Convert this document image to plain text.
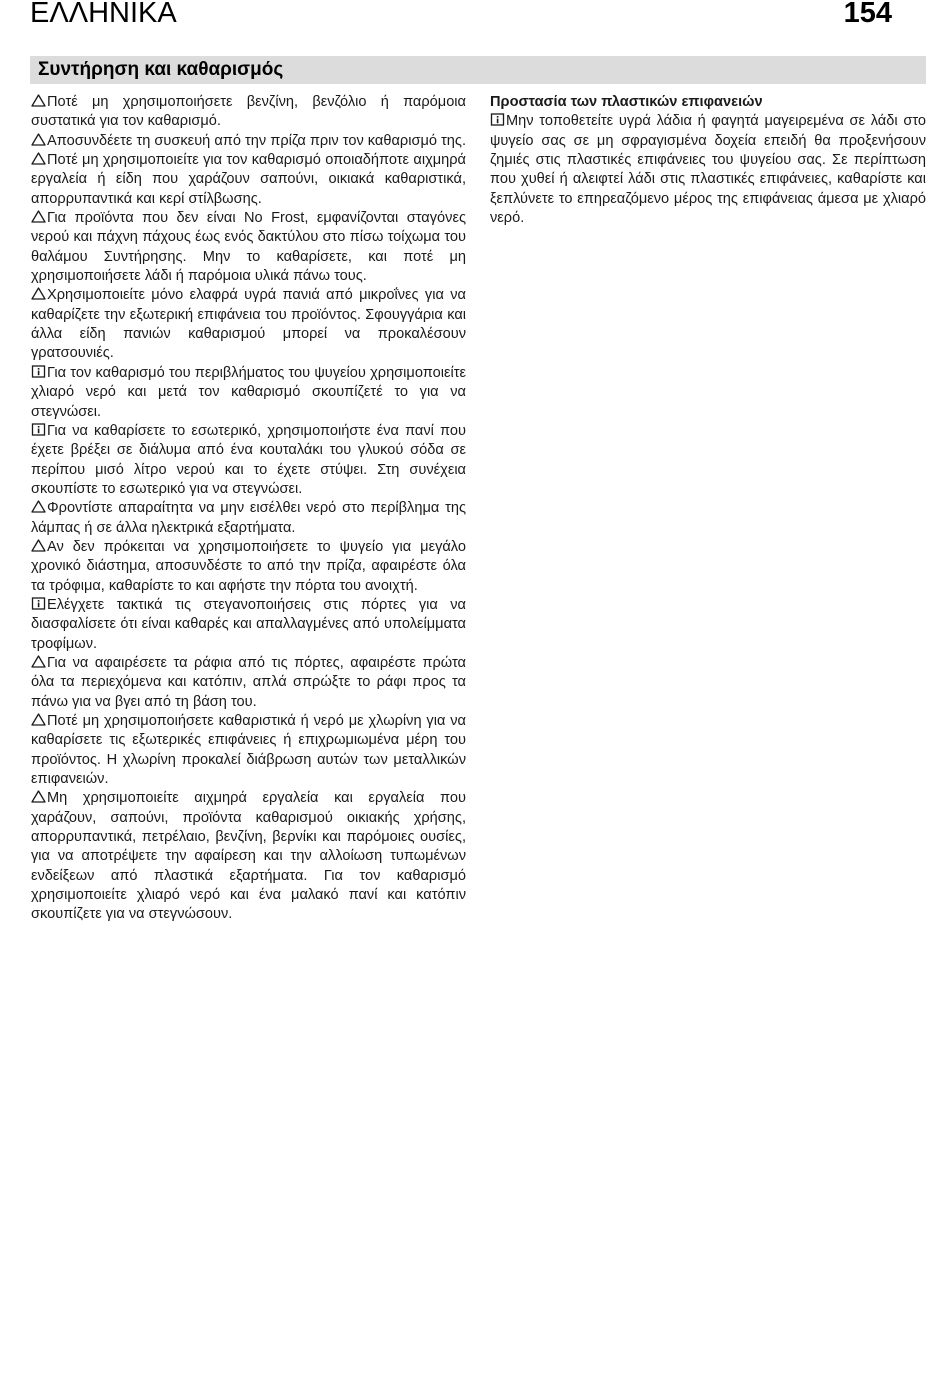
ΕΛΛΗΝΙΚΑ	154
Συντήρηση και καθαρισμός

Ποτέ μη χρησιμοποιήσετε βενζίνη, βενζόλιο ή παρόμοια συστατικά για τον καθαρισμό.

Αποσυνδέετε τη συσκευή από την πρίζα πριν τον καθαρισμό της.

Ποτέ μη χρησιμοποιείτε για τον καθαρισμό οποιαδήποτε αιχμηρά εργαλεία ή είδη που χαράζουν σαπούνι, οικιακά καθαριστικά, απορρυπαντικά και κερί στίλβωσης.

Για προϊόντα που δεν είναι No Frost, εμφανίζονται σταγόνες νερού και πάχνη πάχους έως ενός δακτύλου στο πίσω τοίχωμα του θαλάμου Συντήρησης. Μην το καθαρίσετε, και ποτέ μη χρησιμοποιήσετε λάδι ή παρόμοια υλικά πάνω τους.

Χρησιμοποιείτε μόνο ελαφρά υγρά πανιά από μικροΐνες για να καθαρίζετε την εξωτερική επιφάνεια του προϊόντος. Σφουγγάρια και άλλα είδη πανιών καθαρισμού μπορεί να προκαλέσουν γρατσουνιές.

Για τον καθαρισμό του περιβλήματος του ψυγείου χρησιμοποιείτε χλιαρό νερό και μετά τον καθαρισμό σκουπίζετέ το για να στεγνώσει.

Για να καθαρίσετε το εσωτερικό, χρησιμοποιήστε ένα πανί που έχετε βρέξει σε διάλυμα από ένα κουταλάκι του γλυκού σόδα σε περίπου μισό λίτρο νερού και το έχετε στύψει. Στη συνέχεια σκουπίστε το εσωτερικό για να στεγνώσει.

Φροντίστε απαραίτητα να μην εισέλθει νερό στο περίβλημα της λάμπας ή σε άλλα ηλεκτρικά εξαρτήματα.

Αν δεν πρόκειται να χρησιμοποιήσετε το ψυγείο για μεγάλο χρονικό διάστημα, αποσυνδέστε το από την πρίζα, αφαιρέστε όλα τα τρόφιμα, καθαρίστε το και αφήστε την πόρτα του ανοιχτή.

Ελέγχετε τακτικά τις στεγανοποιήσεις στις πόρτες για να διασφαλίσετε ότι είναι καθαρές και απαλλαγμένες από υπολείμματα τροφίμων.

Για να αφαιρέσετε τα ράφια από τις πόρτες, αφαιρέστε πρώτα όλα τα περιεχόμενα και κατόπιν, απλά σπρώξτε το ράφι προς τα πάνω για να βγει από τη βάση του.

Ποτέ μη χρησιμοποιήσετε καθαριστικά ή νερό με χλωρίνη για να καθαρίσετε τις εξωτερικές επιφάνειες ή επιχρωμιωμένα μέρη του προϊόντος. Η χλωρίνη προκαλεί διάβρωση αυτών των μεταλλικών επιφανειών.

Μη χρησιμοποιείτε αιχμηρά εργαλεία και εργαλεία που χαράζουν, σαπούνι, προϊόντα καθαρισμού οικιακής χρήσης, απορρυπαντικά, πετρέλαιο, βενζίνη, βερνίκι και παρόμοιες ουσίες, για να αποτρέψετε την αφαίρεση και την αλλοίωση τυπωμένων ενδείξεων από πλαστικά εξαρτήματα. Για τον καθαρισμό χρησιμοποιείτε χλιαρό νερό και ένα μαλακό πανί και κατόπιν σκουπίζετε για να στεγνώσουν.

Προστασία των πλαστικών επιφανειών

Μην τοποθετείτε υγρά λάδια ή φαγητά μαγειρεμένα σε λάδι στο ψυγείο σας σε μη σφραγισμένα δοχεία επειδή θα προξενήσουν ζημιές στις πλαστικές επιφάνειες του ψυγείου σας. Σε περίπτωση που χυθεί ή αλειφτεί λάδι στις πλαστικές επιφάνειες, καθαρίστε και ξεπλύνετε το επηρεαζόμενο μέρος της επιφάνειας άμεσα με χλιαρό νερό.
